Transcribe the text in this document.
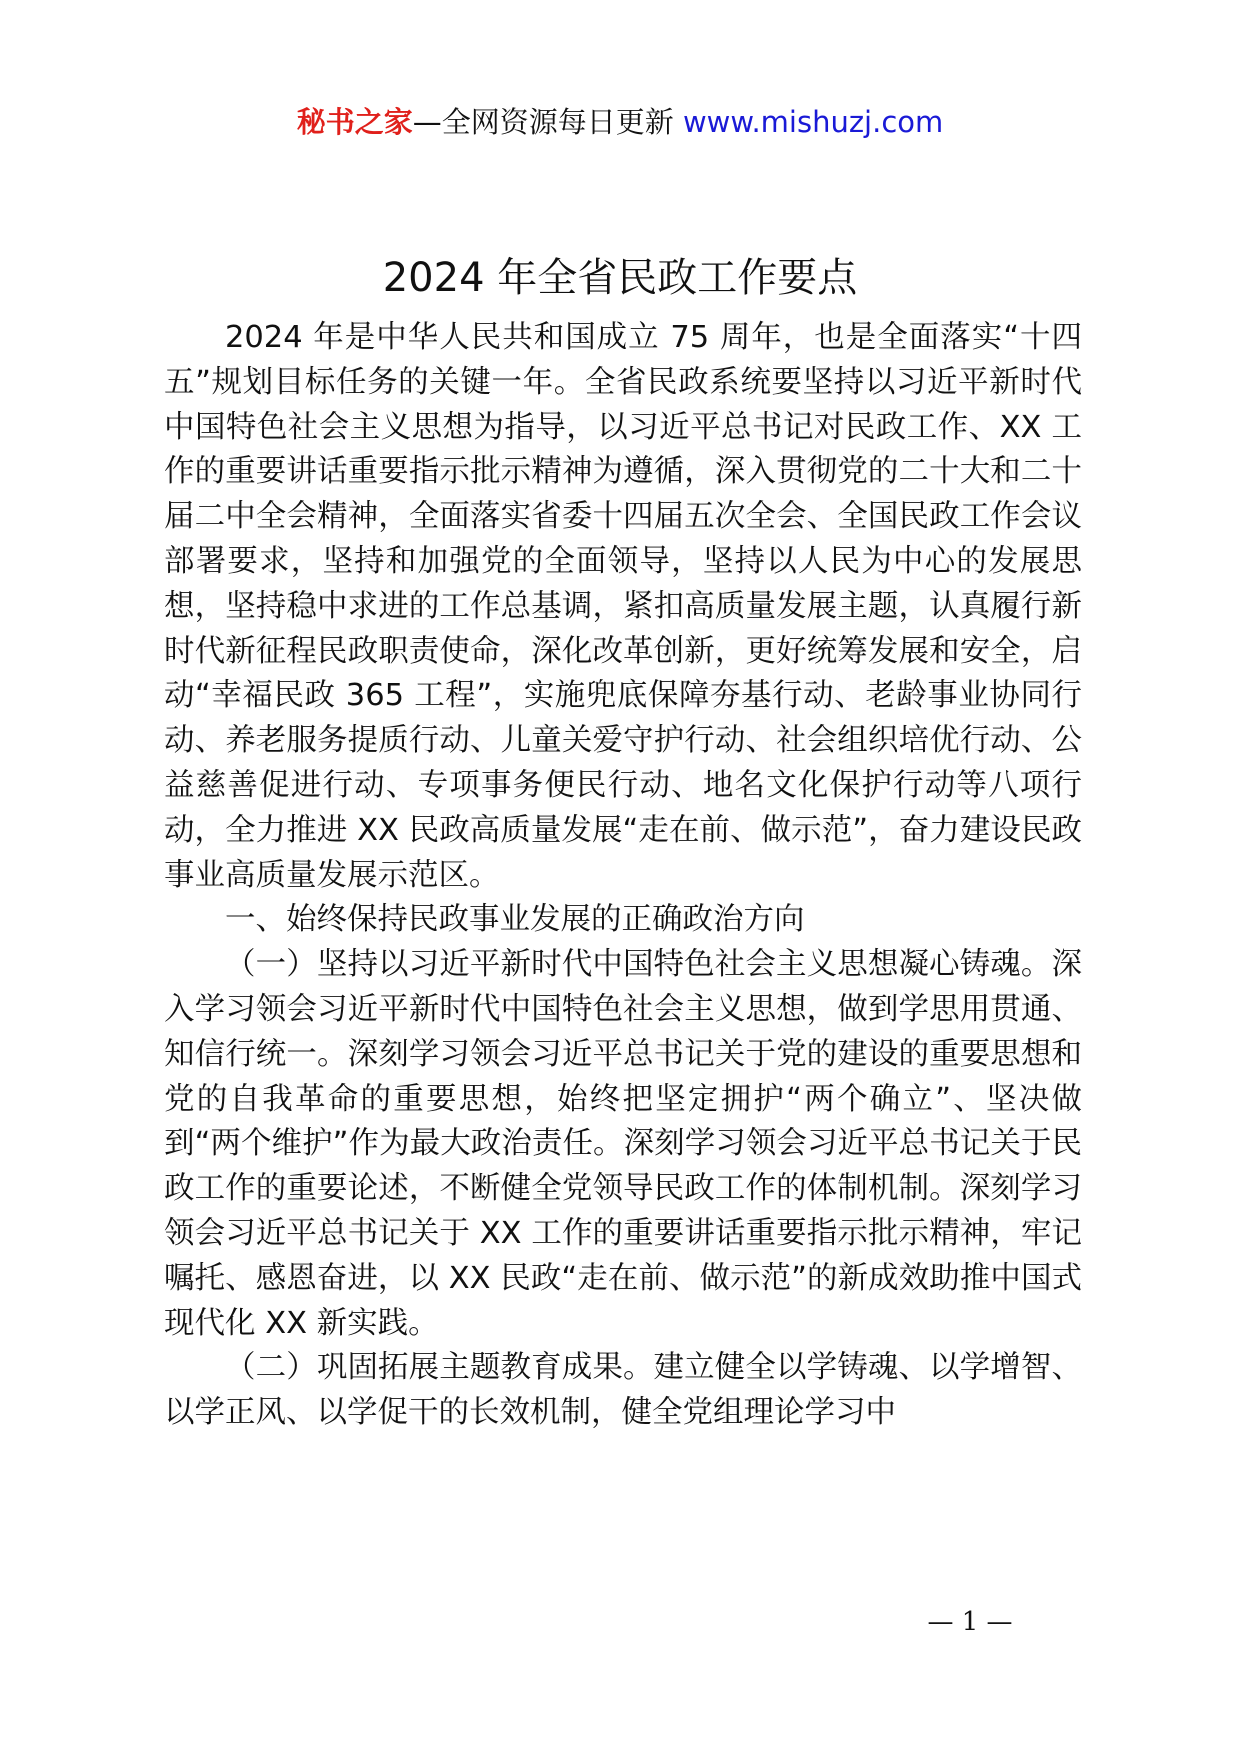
秘书之家—全网资源每日更新 www.mishuzj.com
2024 年全省民政工作要点

2024 年是中华人民共和国成立 75 周年，也是全面落实“十四五”规划目标任务的关键一年。全省民政系统要坚持以习近平新时代中国特色社会主义思想为指导，以习近平总书记对民政工作、XX 工作的重要讲话重要指示批示精神为遵循，深入贯彻党的二十大和二十届二中全会精神，全面落实省委十四届五次全会、全国民政工作会议部署要求，坚持和加强党的全面领导，坚持以人民为中心的发展思想，坚持稳中求进的工作总基调，紧扣高质量发展主题，认真履行新时代新征程民政职责使命，深化改革创新，更好统筹发展和安全，启动“幸福民政 365 工程”，实施兜底保障夯基行动、老龄事业协同行动、养老服务提质行动、儿童关爱守护行动、社会组织培优行动、公益慈善促进行动、专项事务便民行动、地名文化保护行动等八项行动，全力推进 XX 民政高质量发展“走在前、做示范”，奋力建设民政事业高质量发展示范区。

一、始终保持民政事业发展的正确政治方向

（一）坚持以习近平新时代中国特色社会主义思想凝心铸魂。深入学习领会习近平新时代中国特色社会主义思想，做到学思用贯通、知信行统一。深刻学习领会习近平总书记关于党的建设的重要思想和党的自我革命的重要思想，始终把坚定拥护“两个确立”、坚决做到“两个维护”作为最大政治责任。深刻学习领会习近平总书记关于民政工作的重要论述，不断健全党领导民政工作的体制机制。深刻学习领会习近平总书记关于 XX 工作的重要讲话重要指示批示精神，牢记嘱托、感恩奋进，以 XX 民政“走在前、做示范”的新成效助推中国式现代化 XX 新实践。

（二）巩固拓展主题教育成果。建立健全以学铸魂、以学增智、以学正风、以学促干的长效机制，健全党组理论学习中

— 1 —
